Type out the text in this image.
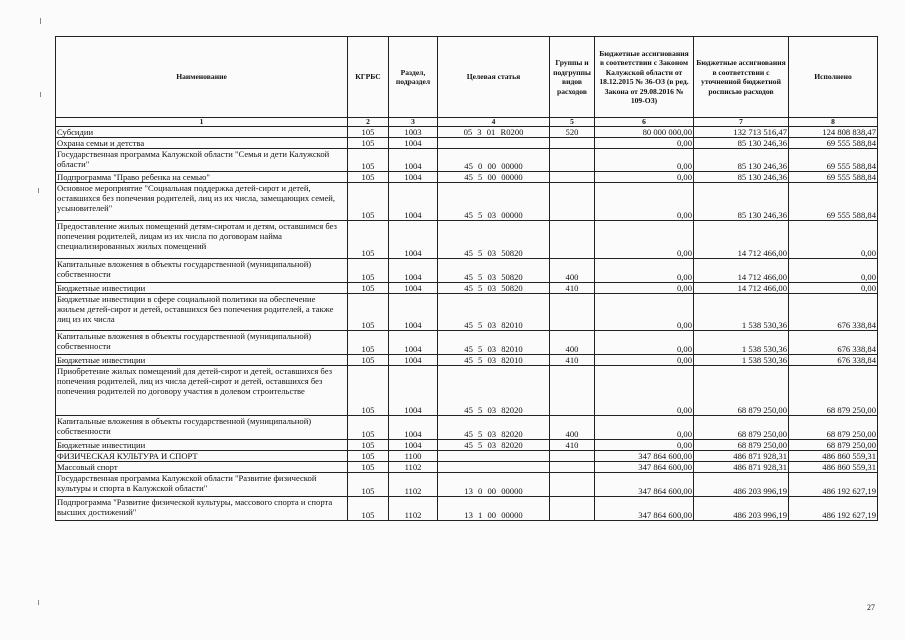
Наименование	КГРБС	Раздел, подраздел	Целевая статья	Группы и подгруппы видов расходов	Бюджетные ассигнования в соответствии с Законом Калужской области от 18.12.2015 № 36-ОЗ (в ред. Закона от 29.08.2016 № 109-ОЗ)	Бюджетные ассигнования в соответствии с уточненной бюджетной росписью расходов	Исполнено
1	2	3	4	5	6	7	8
Субсидии	105	1003	05 3 01 R0200	520	80 000 000,00	132 713 516,47	124 808 838,47
Охрана семьи и детства	105	1004			0,00	85 130 246,36	69 555 588,84
Государственная программа Калужской области "Семья и дети Калужской области"	105	1004	45 0 00 00000		0,00	85 130 246,36	69 555 588,84
Подпрограмма "Право ребенка на семью"	105	1004	45 5 00 00000		0,00	85 130 246,36	69 555 588,84
Основное мероприятие "Социальная поддержка детей-сирот и детей, оставшихся без попечения родителей, лиц из их числа, замещающих семей, усыновителей"	105	1004	45 5 03 00000		0,00	85 130 246,36	69 555 588,84
Предоставление жилых помещений детям-сиротам и детям, оставшимся без попечения родителей, лицам из их числа по договорам найма специализированных жилых помещений	105	1004	45 5 03 50820		0,00	14 712 466,00	0,00
Капитальные вложения в объекты государственной (муниципальной) собственности	105	1004	45 5 03 50820	400	0,00	14 712 466,00	0,00
Бюджетные инвестиции	105	1004	45 5 03 50820	410	0,00	14 712 466,00	0,00
Бюджетные инвестиции в сфере социальной политики на обеспечение жильем детей-сирот и детей, оставшихся без попечения родителей, а также лиц из их числа	105	1004	45 5 03 82010		0,00	1 538 530,36	676 338,84
Капитальные вложения в объекты государственной (муниципальной) собственности	105	1004	45 5 03 82010	400	0,00	1 538 530,36	676 338,84
Бюджетные инвестиции	105	1004	45 5 03 82010	410	0,00	1 538 530,36	676 338,84
Приобретение жилых помещений для детей-сирот и детей, оставшихся без попечения родителей, лиц из числа детей-сирот и детей, оставшихся без попечения родителей по договору участия в долевом строительстве	105	1004	45 5 03 82020		0,00	68 879 250,00	68 879 250,00
Капитальные вложения в объекты государственной (муниципальной) собственности	105	1004	45 5 03 82020	400	0,00	68 879 250,00	68 879 250,00
Бюджетные инвестиции	105	1004	45 5 03 82020	410	0,00	68 879 250,00	68 879 250,00
ФИЗИЧЕСКАЯ КУЛЬТУРА И СПОРТ	105	1100			347 864 600,00	486 871 928,31	486 860 559,31
Массовый спорт	105	1102			347 864 600,00	486 871 928,31	486 860 559,31
Государственная программа Калужской области "Развитие физической культуры и спорта в Калужской области"	105	1102	13 0 00 00000		347 864 600,00	486 203 996,19	486 192 627,19
Подпрограмма "Развитие физической культуры, массового спорта и спорта высших достижений"	105	1102	13 1 00 00000		347 864 600,00	486 203 996,19	486 192 627,19
27
